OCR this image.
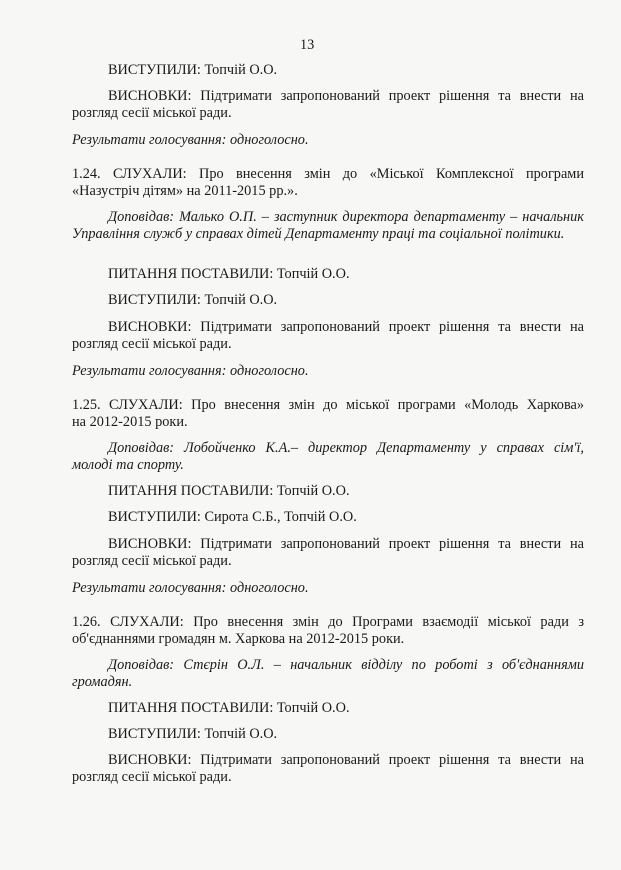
13
ВИСТУПИЛИ: Топчій О.О.
ВИСНОВКИ: Підтримати запропонований проект рішення та внести на
розгляд сесії міської ради.
Результати голосування: одноголосно.
1.24. СЛУХАЛИ: Про внесення змін до «Міської Комплексної програми
«Назустріч дітям» на 2011-2015 рр.».
Доповідав: Малько О.П. – заступник директора департаменту – начальник
Управління служб у справах дітей Департаменту праці та соціальної політики.
ПИТАННЯ ПОСТАВИЛИ: Топчій О.О.
ВИСТУПИЛИ: Топчій О.О.
ВИСНОВКИ: Підтримати запропонований проект рішення та внести на
розгляд сесії міської ради.
Результати голосування: одноголосно.
1.25. СЛУХАЛИ: Про внесення змін до міської програми «Молодь Харкова»
на 2012-2015 роки.
Доповідав: Лобойченко К.А.– директор Департаменту у справах сім'ї,
молоді та спорту.
ПИТАННЯ ПОСТАВИЛИ: Топчій О.О.
ВИСТУПИЛИ: Сирота С.Б., Топчій О.О.
ВИСНОВКИ: Підтримати запропонований проект рішення та внести на
розгляд сесії міської ради.
Результати голосування: одноголосно.
1.26. СЛУХАЛИ: Про внесення змін до Програми взаємодії міської ради з
об'єднаннями громадян м. Харкова на 2012-2015 роки.
Доповідав: Стєрін О.Л. – начальник відділу по роботі з об'єднаннями
громадян.
ПИТАННЯ ПОСТАВИЛИ: Топчій О.О.
ВИСТУПИЛИ: Топчій О.О.
ВИСНОВКИ: Підтримати запропонований проект рішення та внести на
розгляд сесії міської ради.
